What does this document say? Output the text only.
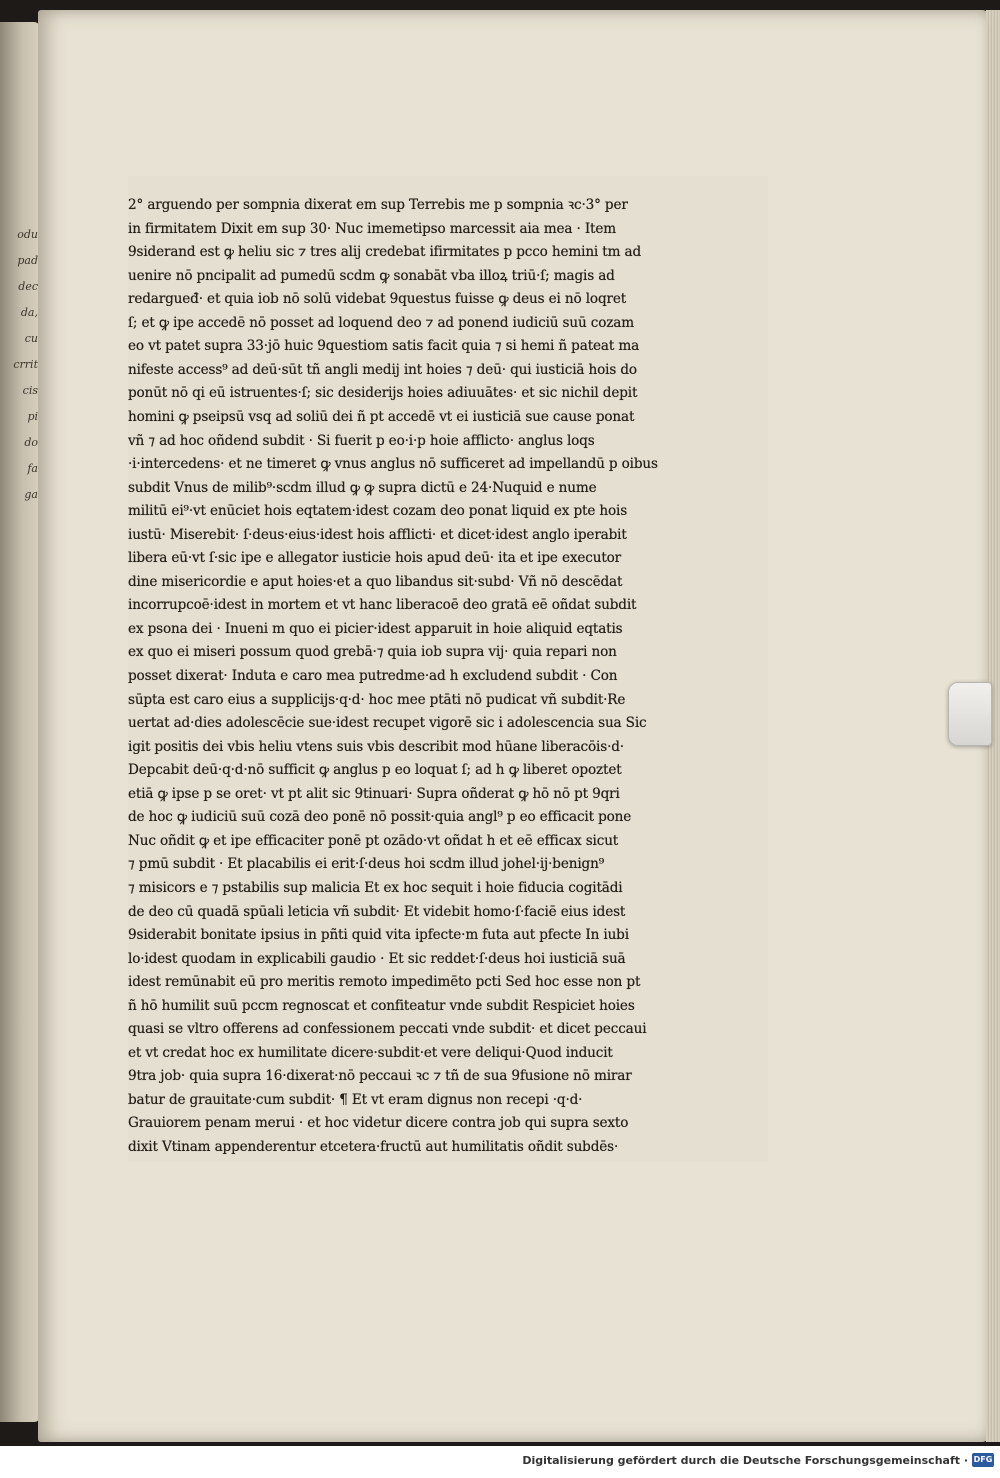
odu
pad
dec
da,
cu
crrit
cis
pi
do
fa
ga
2° arguendo per sompnia dixerat em sup Terrebis me p sompnia ꝛc·3° per
in firmitatem Dixit em sup 30· Nuc imemetipso marcessit aia mea · Item
9siderand est ꝙ heliu sic ⁊ tres alij credebat ifirmitates p pcco hemini tm ad
uenire nō pncipalit ad pumedū scdm ꝙ sonabāt vba illoꝝ triū·ſ; magis ad
redargueđ· et quia iob nō solū videbat 9questus fuisse ꝙ deus ei nō loqret
ſ; et ꝙ ipe accedē nō posset ad loquend deo ⁊ ad ponend iudiciū suū cozam
eo vt patet supra 33·jō huic 9questiom satis facit quia ⁊ si hemi ñ pateat ma
nifeste access⁹ ad deū·sūt tñ angli medij int hoies ⁊ deū· qui iusticiā hois do
ponūt nō qi eū istruentes·ſ; sic desiderijs hoies adiuuātes· et sic nichil depit
homini ꝙ pseipsū vsq ad soliū dei ñ pt accedē vt ei iusticiā sue cause ponat
vñ ⁊ ad hoc oñdend subdit · Si fuerit p eo·i·p hoie afflicto· anglus loqs
·i·intercedens· et ne timeret ꝙ vnus anglus nō sufficeret ad impellandū p oibus
subdit Vnus de milib⁹·scdm illud ꝙ ꝙ supra dictū e 24·Nuquid e nume
militū ei⁹·vt enūciet hois eqtatem·idest cozam deo ponat liquid ex pte hois
iustū· Miserebit· ſ·deus·eius·idest hois afflicti· et dicet·idest anglo iperabit
libera eū·vt ſ·sic ipe e allegator iusticie hois apud deū· ita et ipe executor
dine misericordie e aput hoies·et a quo libandus sit·subd· Vñ nō descēdat
incorrupcoē·idest in mortem et vt hanc liberacoē deo gratā eē oñdat subdit
ex psona dei · Inueni m quo ei picier·idest apparuit in hoie aliquid eqtatis
ex quo ei miseri possum quod grebā·⁊ quia iob supra vij· quia repari non
posset dixerat· Induta e caro mea putredme·ad h excludend subdit · Con
sūpta est caro eius a supplicijs·q·d· hoc mee ptāti nō pudicat vñ subdit·Re
uertat ad·dies adolescēcie sue·idest recupet vigorē sic i adolescencia sua Sic
igit positis dei vbis heliu vtens suis vbis describit mod hūane liberacōis·d·
Depcabit deū·q·d·nō sufficit ꝙ anglus p eo loquat ſ; ad h ꝙ liberet opoztet
etiā ꝙ ipse p se oret· vt pt alit sic 9tinuari· Supra oñderat ꝙ hō nō pt 9qri
de hoc ꝙ iudiciū suū cozā deo ponē nō possit·quia angl⁹ p eo efficacit pone
Nuc oñdit ꝙ et ipe efficaciter ponē pt ozādo·vt oñdat h et eē efficax sicut
⁊ pmū subdit · Et placabilis ei erit·ſ·deus hoi scdm illud johel·ij·benign⁹
⁊ misicors e ⁊ pstabilis sup malicia Et ex hoc sequit i hoie fiducia cogitādi
de deo cū quadā spūali leticia vñ subdit· Et videbit homo·ſ·faciē eius idest
9siderabit bonitate ipsius in pñti quid vita ipfecte·m futa aut pfecte In iubi
lo·idest quodam in explicabili gaudio · Et sic reddet·ſ·deus hoi iusticiā suā
idest remūnabit eū pro meritis remoto impedimēto pcti Sed hoc esse non pt
ñ hō humilit suū pccm regnoscat et confiteatur vnde subdit Respiciet hoies
quasi se vltro offerens ad confessionem peccati vnde subdit· et dicet peccaui
et vt credat hoc ex humilitate dicere·subdit·et vere deliqui·Quod inducit
9tra job· quia supra 16·dixerat·nō peccaui ꝛc ⁊ tñ de sua 9fusione nō mirar
batur de grauitate·cum subdit· ¶ Et vt eram dignus non recepi ·q·d·
Grauiorem penam merui · et hoc videtur dicere contra job qui supra sexto
dixit Vtinam appenderentur etcetera·fructū aut humilitatis oñdit subdēs·
Digitalisierung gefördert durch die Deutsche Forschungsgemeinschaft · DFG
